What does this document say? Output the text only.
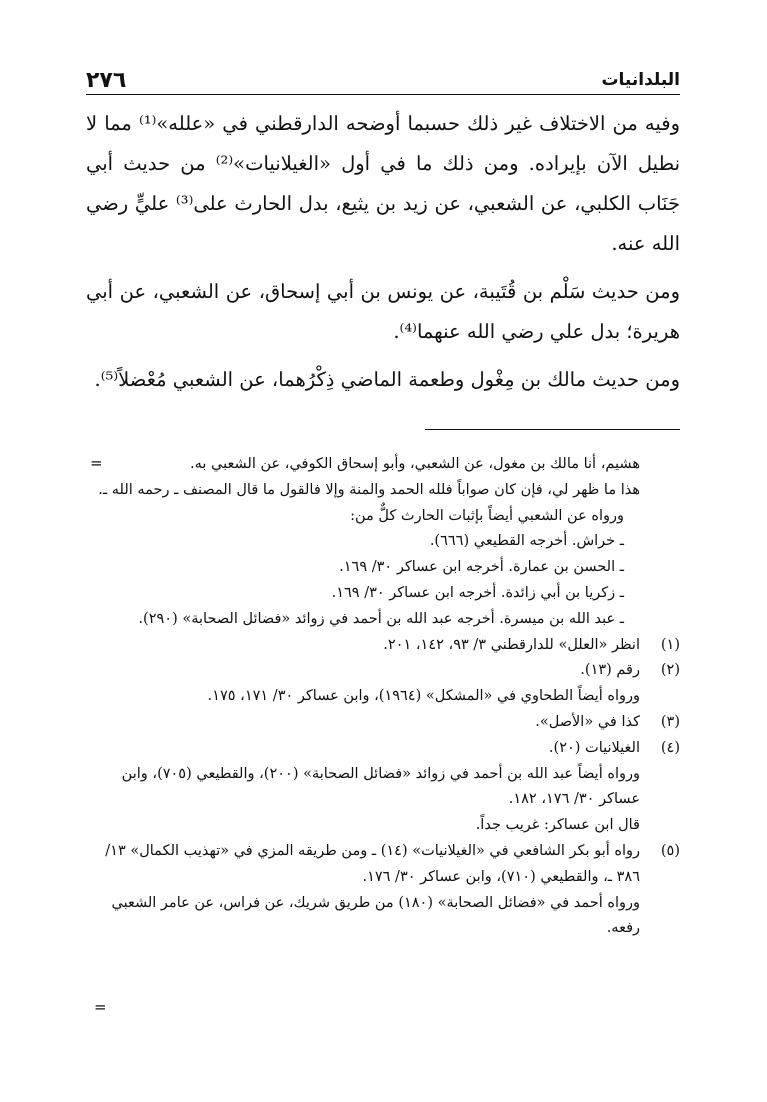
٢٧٦	البلدانيات

وفيه من الاختلاف غير ذلك حسبما أوضحه الدارقطني في «علله»⁽¹⁾ مما لا نطيل الآن بإيراده. ومن ذلك ما في أول «الغيلانيات»⁽²⁾ من حديث أبي جَنَاب الكلبي، عن الشعبي، عن زيد بن يثيع، بدل الحارث على⁽³⁾ عليٍّ رضي الله عنه.

ومن حديث سَلْم بن قُتَيبة، عن يونس بن أبي إسحاق، عن الشعبي، عن أبي هريرة؛ بدل علي رضي الله عنهما⁽⁴⁾.

ومن حديث مالك بن مِغْول وطعمة الماضي ذِكْرُهما، عن الشعبي مُعْضلاً⁽⁵⁾.

=	هشيم، أنا مالك بن مغول، عن الشعبي، وأبو إسحاق الكوفي، عن الشعبي به.

هذا ما ظهر لي، فإن كان صواباً فلله الحمد والمنة وإلا فالقول ما قال المصنف ـ رحمه الله ـ.

ورواه عن الشعبي أيضاً بإثبات الحارث كلٌّ من:

ـ خراش. أخرجه القطيعي (٦٦٦).

ـ الحسن بن عمارة. أخرجه ابن عساكر ٣٠/ ١٦٩.

ـ زكريا بن أبي زائدة. أخرجه ابن عساكر ٣٠/ ١٦٩.

ـ عبد الله بن ميسرة. أخرجه عبد الله بن أحمد في زوائد «فضائل الصحابة» (٢٩٠).

(١)
انظر «العلل» للدارقطني ٣/ ٩٣، ١٤٢، ٢٠١.

(٢)
رقم (١٣).

ورواه أيضاً الطحاوي في «المشكل» (١٩٦٤)، وابن عساكر ٣٠/ ١٧١، ١٧٥.

(٣)
كذا في «الأصل».

(٤)
الغيلانيات (٢٠).

ورواه أيضاً عبد الله بن أحمد في زوائد «فضائل الصحابة» (٢٠٠)، والقطيعي (٧٠٥)، وابن عساكر ٣٠/ ١٧٦، ١٨٢.

قال ابن عساكر: غريب جداً.

(٥)
رواه أبو بكر الشافعي في «الغيلانيات» (١٤) ـ ومن طريقه المزي في «تهذيب الكمال» ١٣/ ٣٨٦ ـ، والقطيعي (٧١٠)، وابن عساكر ٣٠/ ١٧٦.

ورواه أحمد في «فضائل الصحابة» (١٨٠) من طريق شريك، عن فراس، عن عامر الشعبي رفعه.

=
